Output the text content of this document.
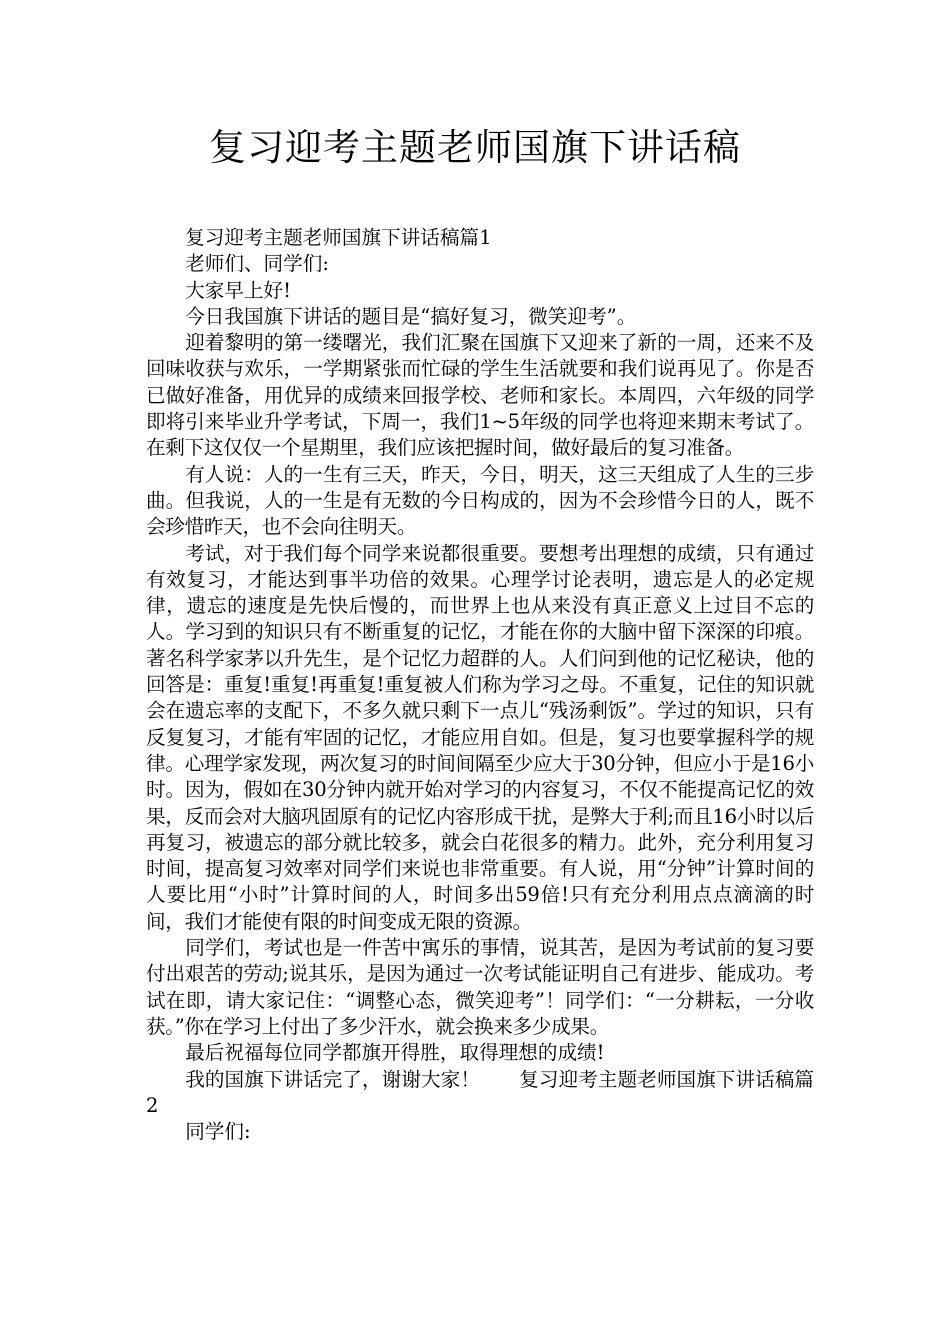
复习迎考主题老师国旗下讲话稿

复习迎考主题老师国旗下讲话稿篇1

老师们、同学们:

大家早上好!

今日我国旗下讲话的题目是“搞好复习，微笑迎考”。

迎着黎明的第一缕曙光，我们汇聚在国旗下又迎来了新的一周，还来不及回味收获与欢乐，一学期紧张而忙碌的学生生活就要和我们说再见了。你是否已做好准备，用优异的成绩来回报学校、老师和家长。本周四，六年级的同学即将引来毕业升学考试，下周一，我们1~5年级的同学也将迎来期末考试了。在剩下这仅仅一个星期里，我们应该把握时间，做好最后的复习准备。

有人说：人的一生有三天，昨天，今日，明天，这三天组成了人生的三步曲。但我说，人的一生是有无数的今日构成的，因为不会珍惜今日的人，既不会珍惜昨天，也不会向往明天。

考试，对于我们每个同学来说都很重要。要想考出理想的成绩，只有通过有效复习，才能达到事半功倍的效果。心理学讨论表明，遗忘是人的必定规律，遗忘的速度是先快后慢的，而世界上也从来没有真正意义上过目不忘的人。学习到的知识只有不断重复的记忆，才能在你的大脑中留下深深的印痕。著名科学家茅以升先生，是个记忆力超群的人。人们问到他的记忆秘诀，他的回答是：重复!重复!再重复!重复被人们称为学习之母。不重复，记住的知识就会在遗忘率的支配下，不多久就只剩下一点儿“残汤剩饭”。学过的知识，只有反复复习，才能有牢固的记忆，才能应用自如。但是，复习也要掌握科学的规律。心理学家发现，两次复习的时间间隔至少应大于30分钟，但应小于是16小时。因为，假如在30分钟内就开始对学习的内容复习，不仅不能提高记忆的效果，反而会对大脑巩固原有的记忆内容形成干扰，是弊大于利;而且16小时以后再复习，被遗忘的部分就比较多，就会白花很多的精力。此外，充分利用复习时间，提高复习效率对同学们来说也非常重要。有人说，用“分钟”计算时间的人要比用“小时”计算时间的人，时间多出59倍!只有充分利用点点滴滴的时间，我们才能使有限的时间变成无限的资源。

同学们，考试也是一件苦中寓乐的事情，说其苦，是因为考试前的复习要付出艰苦的劳动;说其乐，是因为通过一次考试能证明自己有进步、能成功。考试在即，请大家记住：“调整心态，微笑迎考”！同学们：“一分耕耘，一分收获。”你在学习上付出了多少汗水，就会换来多少成果。

最后祝福每位同学都旗开得胜，取得理想的成绩!

我的国旗下讲话完了，谢谢大家！　　复习迎考主题老师国旗下讲话稿篇2

同学们:
